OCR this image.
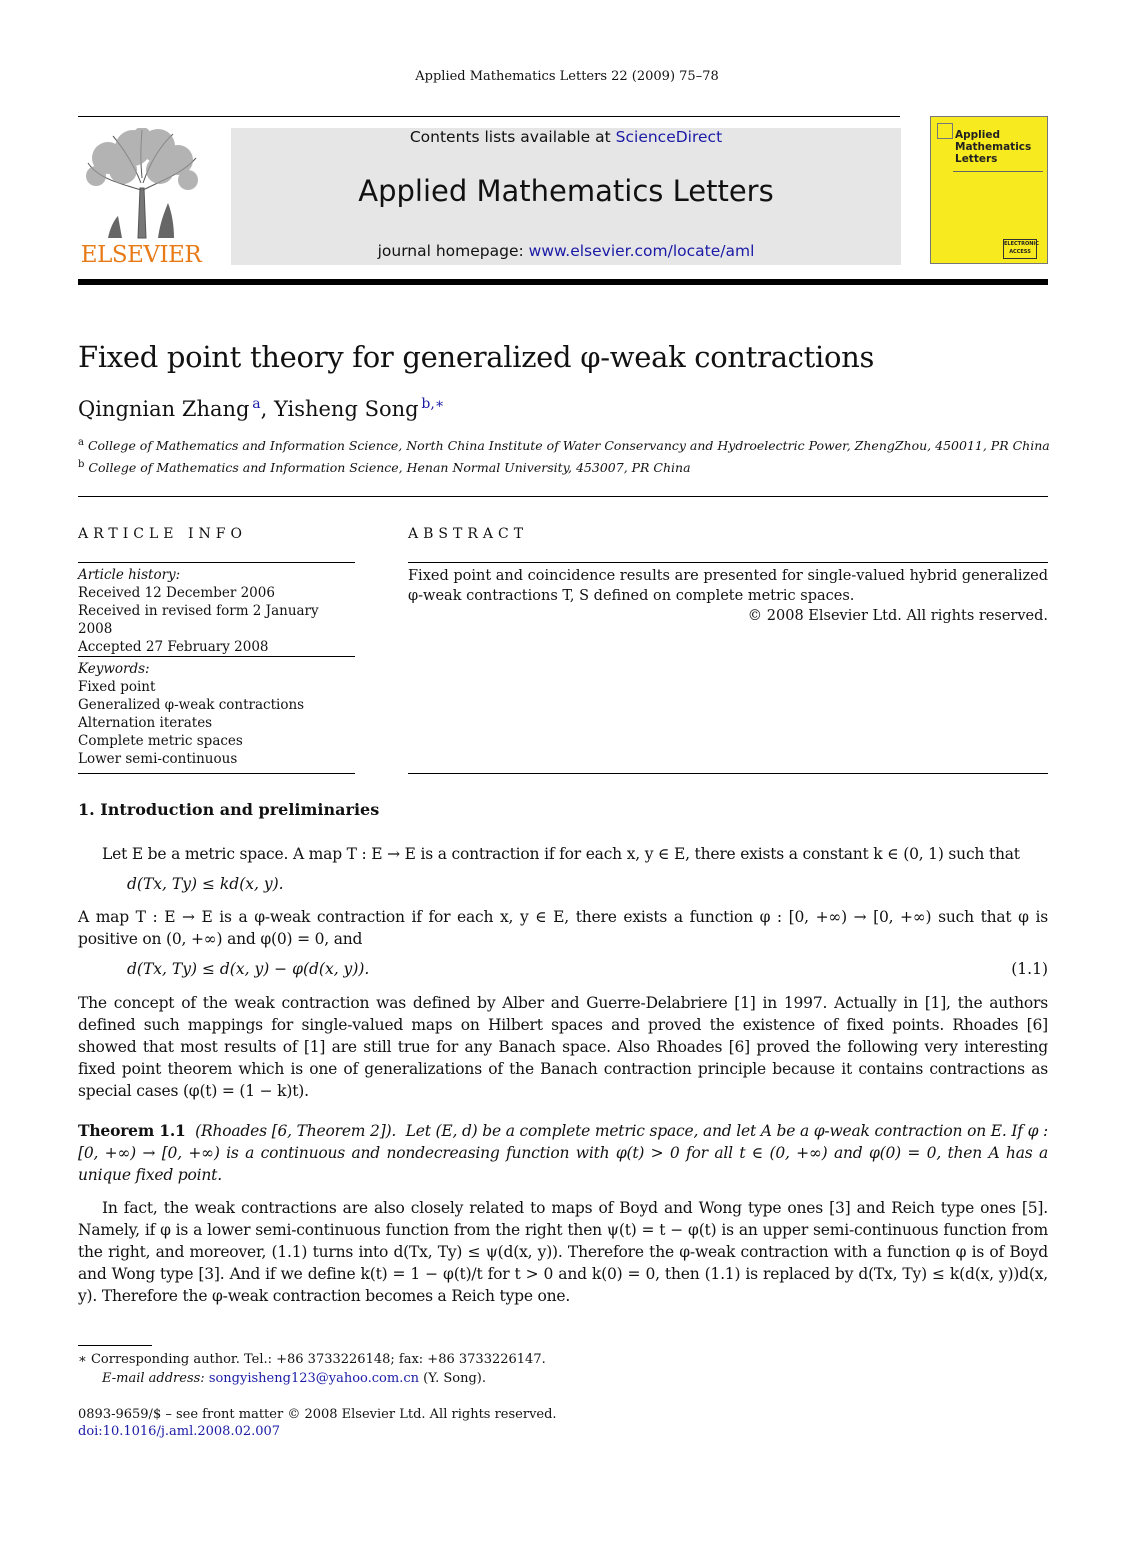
Applied Mathematics Letters 22 (2009) 75–78
ELSEVIER
Contents lists available at ScienceDirect
Applied Mathematics Letters
journal homepage: www.elsevier.com/locate/aml
Applied
Mathematics
Letters
ELECTRONIC ACCESS
Fixed point theory for generalized φ-weak contractions
Qingnian Zhang  $^a$, Yisheng Song  $^{b,∗}$
$^a$ College of Mathematics and Information Science, North China Institute of Water Conservancy and Hydroelectric Power, ZhengZhou, 450011, PR China
$^b$ College of Mathematics and Information Science, Henan Normal University, 453007, PR China
ARTICLE INFO
Article history:
Received 12 December 2006
Received in revised form 2 January 2008
Accepted 27 February 2008
Keywords:
Fixed point
Generalized φ-weak contractions
Alternation iterates
Complete metric spaces
Lower semi-continuous
ABSTRACT
Fixed point and coincidence results are presented for single-valued hybrid generalized φ-weak contractions T, S defined on complete metric spaces.
© 2008 Elsevier Ltd. All rights reserved.
1. Introduction and preliminaries
Let E be a metric space. A map T : E → E is a contraction if for each x, y ∈ E, there exists a constant k ∈ (0, 1) such that
d(Tx, Ty) ≤ kd(x, y).
A map T : E → E is a φ-weak contraction if for each x, y ∈ E, there exists a function φ : [0, +∞) → [0, +∞) such that φ is positive on (0, +∞) and φ(0) = 0, and
d(Tx, Ty) ≤ d(x, y) − φ(d(x, y)).	(1.1)
The concept of the weak contraction was defined by Alber and Guerre-Delabriere [1] in 1997. Actually in [1], the authors defined such mappings for single-valued maps on Hilbert spaces and proved the existence of fixed points. Rhoades [6] showed that most results of [1] are still true for any Banach space. Also Rhoades [6] proved the following very interesting fixed point theorem which is one of generalizations of the Banach contraction principle because it contains contractions as special cases (φ(t) = (1 − k)t).
Theorem 1.1 (Rhoades [6, Theorem 2]). Let (E, d) be a complete metric space, and let A be a φ-weak contraction on E. If φ : [0, +∞) → [0, +∞) is a continuous and nondecreasing function with φ(t) > 0 for all t ∈ (0, +∞) and φ(0) = 0, then A has a unique fixed point.
In fact, the weak contractions are also closely related to maps of Boyd and Wong type ones [3] and Reich type ones [5]. Namely, if φ is a lower semi-continuous function from the right then ψ(t) = t − φ(t) is an upper semi-continuous function from the right, and moreover, (1.1) turns into d(Tx, Ty) ≤ ψ(d(x, y)). Therefore the φ-weak contraction with a function φ is of Boyd and Wong type [3]. And if we define k(t) = 1 − φ(t)/t for t > 0 and k(0) = 0, then (1.1) is replaced by d(Tx, Ty) ≤ k(d(x, y))d(x, y). Therefore the φ-weak contraction becomes a Reich type one.
∗ Corresponding author. Tel.: +86 3733226148; fax: +86 3733226147.
E-mail address: songyisheng123@yahoo.com.cn (Y. Song).
0893-9659/$ – see front matter © 2008 Elsevier Ltd. All rights reserved.
doi:10.1016/j.aml.2008.02.007
